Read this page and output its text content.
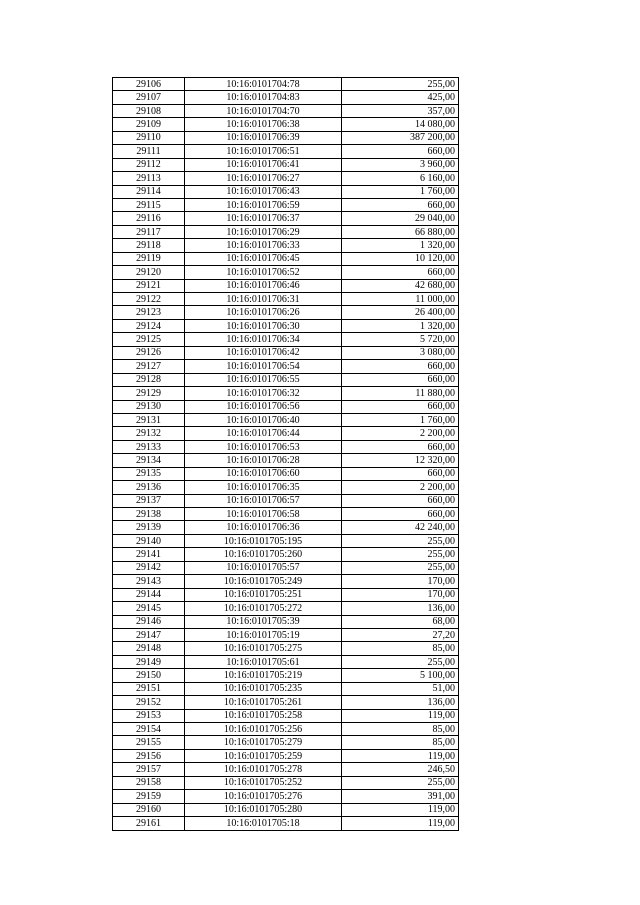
29106	10:16:0101704:78	255,00
29107	10:16:0101704:83	425,00
29108	10:16:0101704:70	357,00
29109	10:16:0101706:38	14 080,00
29110	10:16:0101706:39	387 200,00
29111	10:16:0101706:51	660,00
29112	10:16:0101706:41	3 960,00
29113	10:16:0101706:27	6 160,00
29114	10:16:0101706:43	1 760,00
29115	10:16:0101706:59	660,00
29116	10:16:0101706:37	29 040,00
29117	10:16:0101706:29	66 880,00
29118	10:16:0101706:33	1 320,00
29119	10:16:0101706:45	10 120,00
29120	10:16:0101706:52	660,00
29121	10:16:0101706:46	42 680,00
29122	10:16:0101706:31	11 000,00
29123	10:16:0101706:26	26 400,00
29124	10:16:0101706:30	1 320,00
29125	10:16:0101706:34	5 720,00
29126	10:16:0101706:42	3 080,00
29127	10:16:0101706:54	660,00
29128	10:16:0101706:55	660,00
29129	10:16:0101706:32	11 880,00
29130	10:16:0101706:56	660,00
29131	10:16:0101706:40	1 760,00
29132	10:16:0101706:44	2 200,00
29133	10:16:0101706:53	660,00
29134	10:16:0101706:28	12 320,00
29135	10:16:0101706:60	660,00
29136	10:16:0101706:35	2 200,00
29137	10:16:0101706:57	660,00
29138	10:16:0101706:58	660,00
29139	10:16:0101706:36	42 240,00
29140	10:16:0101705:195	255,00
29141	10:16:0101705:260	255,00
29142	10:16:0101705:57	255,00
29143	10:16:0101705:249	170,00
29144	10:16:0101705:251	170,00
29145	10:16:0101705:272	136,00
29146	10:16:0101705:39	68,00
29147	10:16:0101705:19	27,20
29148	10:16:0101705:275	85,00
29149	10:16:0101705:61	255,00
29150	10:16:0101705:219	5 100,00
29151	10:16:0101705:235	51,00
29152	10:16:0101705:261	136,00
29153	10:16:0101705:258	119,00
29154	10:16:0101705:256	85,00
29155	10:16:0101705:279	85,00
29156	10:16:0101705:259	119,00
29157	10:16:0101705:278	246,50
29158	10:16:0101705:252	255,00
29159	10:16:0101705:276	391,00
29160	10:16:0101705:280	119,00
29161	10:16:0101705:18	119,00
